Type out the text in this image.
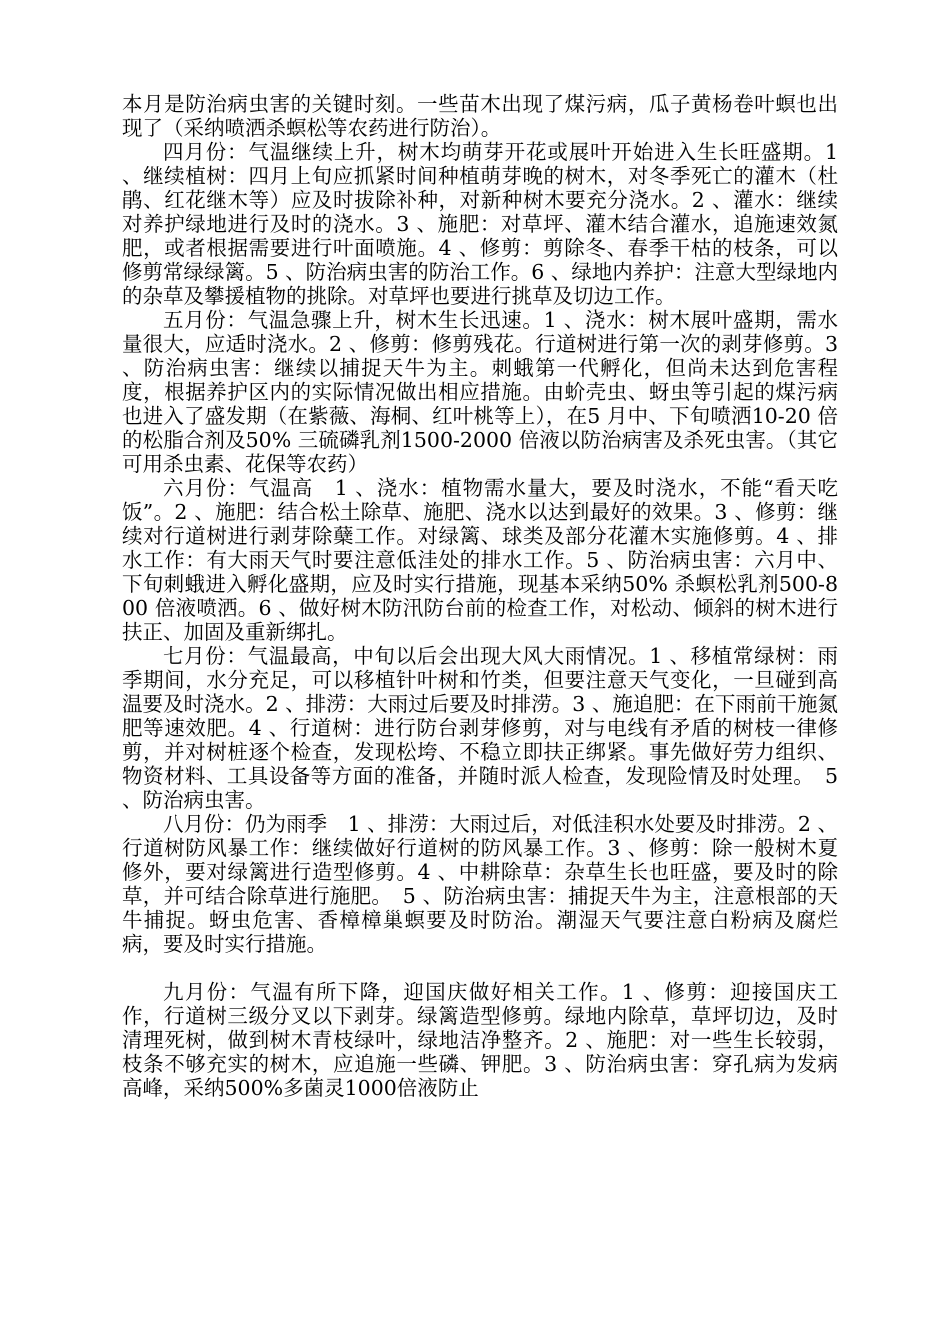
本月是防治病虫害的关键时刻。一些苗木出现了煤污病，瓜子黄杨卷叶螟也出现了（采纳喷洒杀螟松等农药进行防治）。

四月份：气温继续上升，树木均萌芽开花或展叶开始进入生长旺盛期。1 、继续植树：四月上旬应抓紧时间种植萌芽晚的树木，对冬季死亡的灌木（杜鹃、红花继木等）应及时拔除补种，对新种树木要充分浇水。2 、灌水：继续对养护绿地进行及时的浇水。3 、施肥：对草坪、灌木结合灌水，追施速效氮肥，或者根据需要进行叶面喷施。4 、修剪：剪除冬、春季干枯的枝条，可以修剪常绿绿篱。5 、防治病虫害的防治工作。6 、绿地内养护：注意大型绿地内的杂草及攀援植物的挑除。对草坪也要进行挑草及切边工作。

五月份：气温急骤上升，树木生长迅速。1 、浇水：树木展叶盛期，需水量很大，应适时浇水。2 、修剪：修剪残花。行道树进行第一次的剥芽修剪。3 、防治病虫害：继续以捕捉天牛为主。刺蛾第一代孵化，但尚未达到危害程度，根据养护区内的实际情况做出相应措施。由蚧壳虫、蚜虫等引起的煤污病也进入了盛发期（在紫薇、海桐、红叶桃等上），在5 月中、下旬喷洒10-20 倍的松脂合剂及50% 三硫磷乳剂1500-2000 倍液以防治病害及杀死虫害。（其它可用杀虫素、花保等农药）

六月份：气温高　1 、浇水：植物需水量大，要及时浇水，不能“看天吃饭”。2 、施肥：结合松土除草、施肥、浇水以达到最好的效果。3 、修剪：继续对行道树进行剥芽除蘖工作。对绿篱、球类及部分花灌木实施修剪。4 、排水工作：有大雨天气时要注意低洼处的排水工作。5 、防治病虫害：六月中、下旬刺蛾进入孵化盛期，应及时实行措施，现基本采纳50% 杀螟松乳剂500-800 倍液喷洒。6 、做好树木防汛防台前的检查工作，对松动、倾斜的树木进行扶正、加固及重新绑扎。

七月份：气温最高，中旬以后会出现大风大雨情况。1 、移植常绿树：雨季期间，水分充足，可以移植针叶树和竹类，但要注意天气变化，一旦碰到高温要及时浇水。2 、排涝：大雨过后要及时排涝。3 、施追肥：在下雨前干施氮肥等速效肥。4 、行道树：进行防台剥芽修剪，对与电线有矛盾的树枝一律修剪，并对树桩逐个检查，发现松垮、不稳立即扶正绑紧。事先做好劳力组织、物资材料、工具设备等方面的准备，并随时派人检查，发现险情及时处理。　5 、防治病虫害。

八月份：仍为雨季　1 、排涝：大雨过后，对低洼积水处要及时排涝。2 、行道树防风暴工作：继续做好行道树的防风暴工作。3 、修剪：除一般树木夏修外，要对绿篱进行造型修剪。4 、中耕除草：杂草生长也旺盛，要及时的除草，并可结合除草进行施肥。　5 、防治病虫害：捕捉天牛为主，注意根部的天牛捕捉。蚜虫危害、香樟樟巢螟要及时防治。潮湿天气要注意白粉病及腐烂病，要及时实行措施。

九月份：气温有所下降，迎国庆做好相关工作。1 、修剪：迎接国庆工作，行道树三级分叉以下剥芽。绿篱造型修剪。绿地内除草，草坪切边，及时清理死树，做到树木青枝绿叶，绿地洁净整齐。2 、施肥：对一些生长较弱，枝条不够充实的树木，应追施一些磷、钾肥。3 、防治病虫害：穿孔病为发病高峰，采纳500%多菌灵1000倍液防止
